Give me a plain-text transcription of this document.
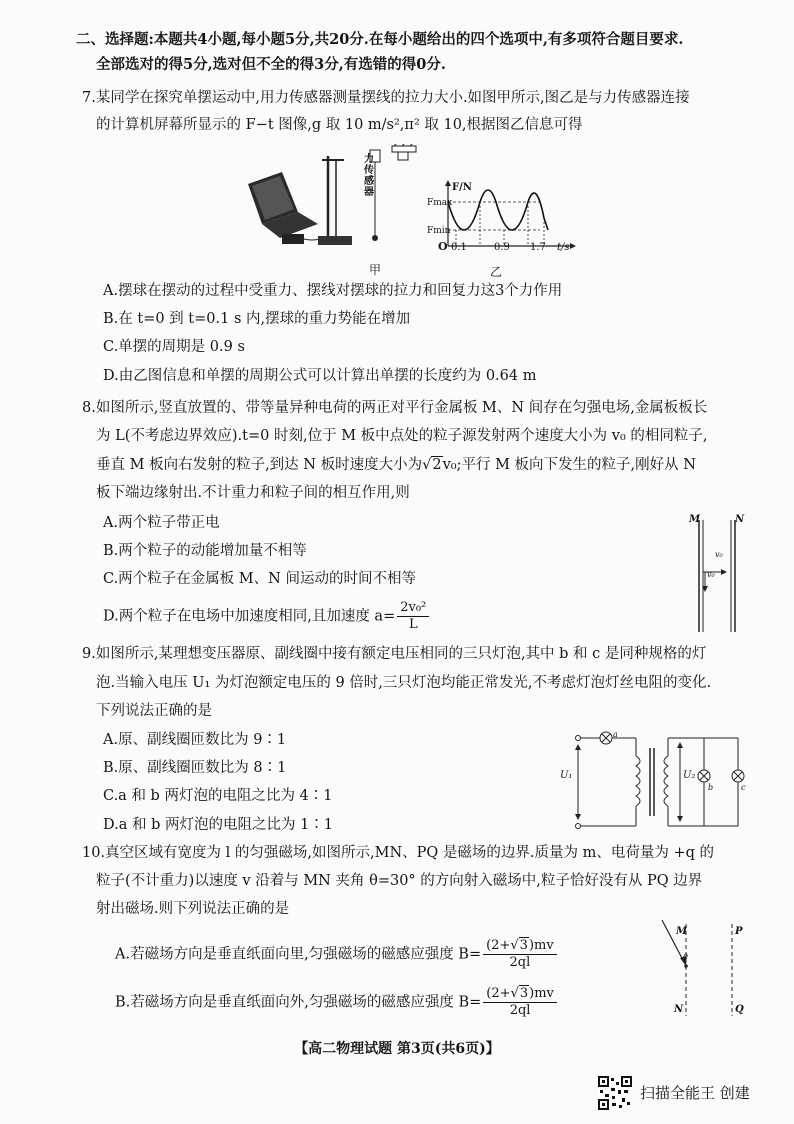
二、选择题:本题共4小题,每小题5分,共20分.在每小题给出的四个选项中,有多项符合题目要求.
全部选对的得5分,选对但不全的得3分,有选错的得0分.
7.某同学在探究单摆运动中,用力传感器测量摆线的拉力大小.如图甲所示,图乙是与力传感器连接
的计算机屏幕所显示的 F−t 图像,g 取 10 m/s²,π² 取 10,根据图乙信息可得
力传感器
甲
F/N
Fmax
Fmin
O 0.1	0.9 1.7 t/s
乙
A.摆球在摆动的过程中受重力、摆线对摆球的拉力和回复力这3个力作用
B.在 t=0 到 t=0.1 s 内,摆球的重力势能在增加
C.单摆的周期是 0.9 s
D.由乙图信息和单摆的周期公式可以计算出单摆的长度约为 0.64 m
8.如图所示,竖直放置的、带等量异种电荷的两正对平行金属板 M、N 间存在匀强电场,金属板板长
为 L(不考虑边界效应).t=0 时刻,位于 M 板中点处的粒子源发射两个速度大小为 v₀ 的相同粒子,
垂直 M 板向右发射的粒子,到达 N 板时速度大小为√2v₀;平行 M 板向下发生的粒子,刚好从 N
板下端边缘射出.不计重力和粒子间的相互作用,则
A.两个粒子带正电
B.两个粒子的动能增加量不相等
C.两个粒子在金属板 M、N 间运动的时间不相等
D.两个粒子在电场中加速度相同,且加速度 $a= \frac{\text{2v₀²}}{L}$
M	N
v₀
v₀
9.如图所示,某理想变压器原、副线圈中接有额定电压相同的三只灯泡,其中 b 和 c 是同种规格的灯
泡.当输入电压 U₁ 为灯泡额定电压的 9 倍时,三只灯泡均能正常发光,不考虑灯泡灯丝电阻的变化.
下列说法正确的是
A.原、副线圈匝数比为 9∶1
B.原、副线圈匝数比为 8∶1
C.a 和 b 两灯泡的电阻之比为 4∶1
D.a 和 b 两灯泡的电阻之比为 1∶1
U₁	U₂
a
b	c
10.真空区域有宽度为 l 的匀强磁场,如图所示,MN、PQ 是磁场的边界.质量为 m、电荷量为 +q 的
粒子(不计重力)以速度 v 沿着与 MN 夹角 θ=30° 的方向射入磁场中,粒子恰好没有从 PQ 边界
射出磁场.则下列说法正确的是
A.若磁场方向是垂直纸面向里,匀强磁场的磁感应强度 $B= \frac{(2+√3)mv}{2ql}$
B.若磁场方向是垂直纸面向外,匀强磁场的磁感应强度 $B= \frac{(2+√3)mv}{2ql}$
M
θ
N
P
Q
【高二物理试题 第3页(共6页)】
扫描全能王 创建
